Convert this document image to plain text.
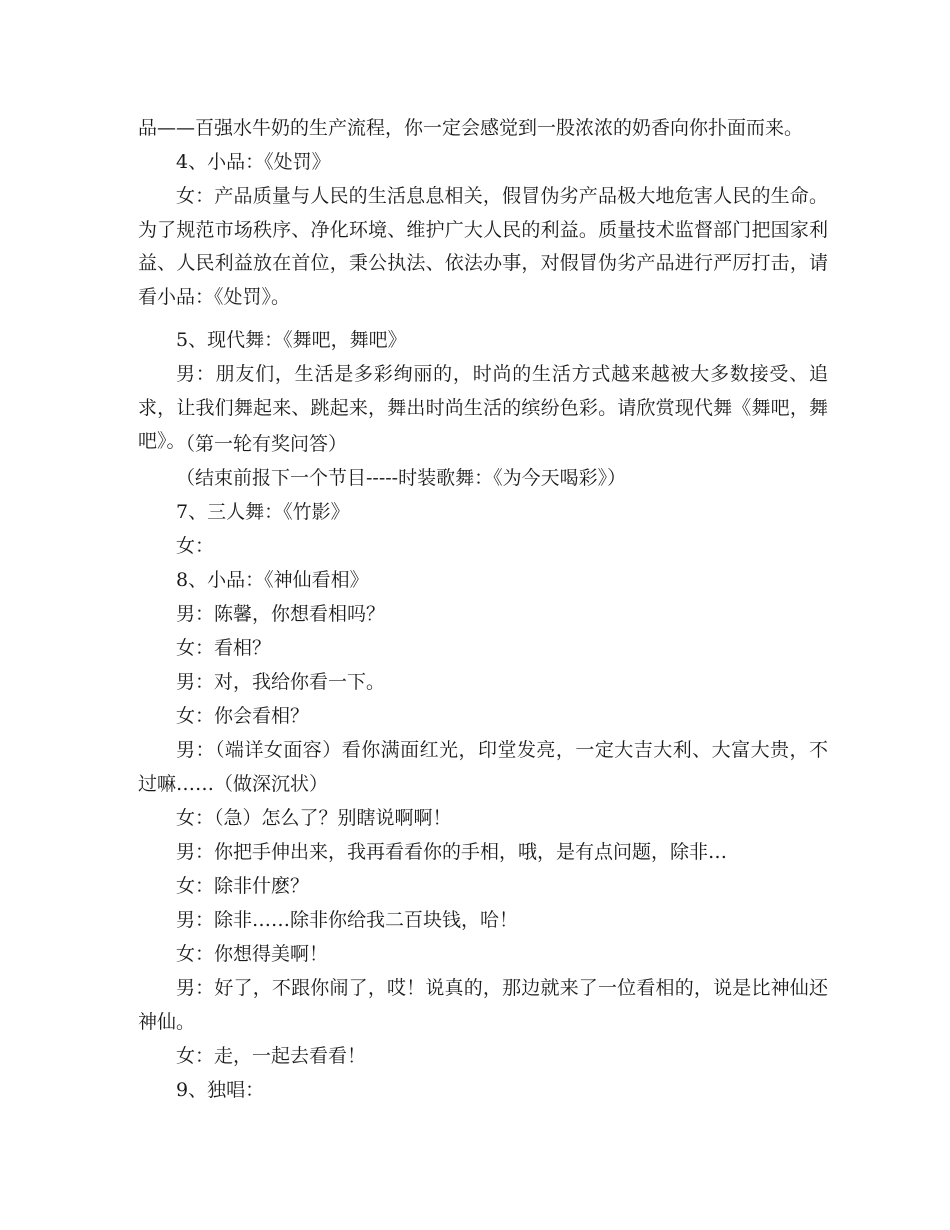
品——百强水牛奶的生产流程，你一定会感觉到一股浓浓的奶香向你扑面而来。

4、小品：《处罚》

女：产品质量与人民的生活息息相关，假冒伪劣产品极大地危害人民的生命。为了规范市场秩序、净化环境、维护广大人民的利益。质量技术监督部门把国家利益、人民利益放在首位，秉公执法、依法办事，对假冒伪劣产品进行严厉打击，请看小品：《处罚》。

5、现代舞：《舞吧，舞吧》

男：朋友们，生活是多彩绚丽的，时尚的生活方式越来越被大多数接受、追求，让我们舞起来、跳起来，舞出时尚生活的缤纷色彩。请欣赏现代舞《舞吧，舞吧》。

（第一轮有奖问答）

（结束前报下一个节目-----时装歌舞：《为今天喝彩》）

7、三人舞：《竹影》

女：

8、小品：《神仙看相》

男：陈馨，你想看相吗？

女：看相？

男：对，我给你看一下。

女：你会看相？

男：（端详女面容）看你满面红光，印堂发亮，一定大吉大利、大富大贵，不过嘛……（做深沉状）

女：（急）怎么了？别瞎说啊啊！

男：你把手伸出来，我再看看你的手相，哦，是有点问题，除非…

女：除非什麽？

男：除非……除非你给我二百块钱，哈！

女：你想得美啊！

男：好了，不跟你闹了，哎！说真的，那边就来了一位看相的，说是比神仙还神仙。

女：走，一起去看看！

9、独唱：
